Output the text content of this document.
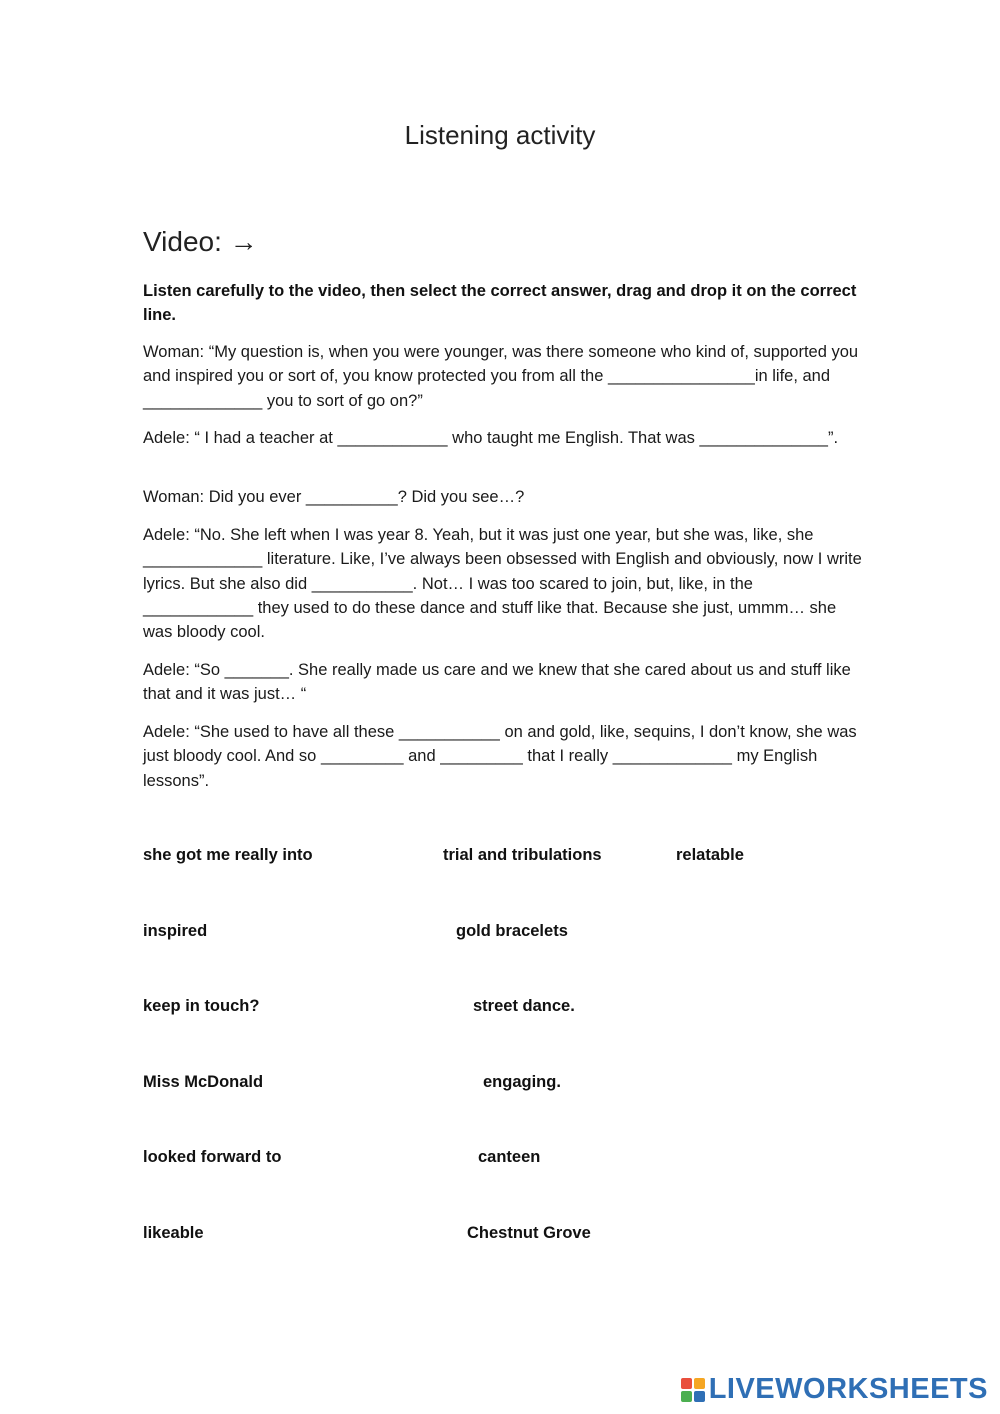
Listening activity
Video: →
Listen carefully to the video, then select the correct answer, drag and drop it on the correct line.
Woman: “My question is, when you were younger, was there someone who kind of, supported you and inspired you or sort of, you know protected you from all the ________________in life, and _____________ you to sort of go on?”
Adele: “ I had a teacher at ____________ who taught me English. That was ______________”.
Woman: Did you ever __________? Did you see…?
Adele: “No. She left when I was year 8. Yeah, but it was just one year, but she was, like, she _____________ literature. Like, I’ve always been obsessed with English and obviously, now I write lyrics. But she also did ___________. Not… I was too scared to join, but, like, in the ____________ they used to do these dance and stuff like that. Because she just, ummm… she was bloody cool.
Adele: “So _______. She really made us care and we knew that she cared about us and stuff like that and it was just… “
Adele: “She used to have all these ___________ on and gold, like, sequins, I don’t know, she was just bloody cool. And so _________ and _________ that I really _____________ my English lessons”.
she got me really into	trial and tribulations	relatable
inspired	gold bracelets
keep in touch?	street dance.
Miss McDonald	engaging.
looked forward to	canteen
likeable	Chestnut Grove
LIVEWORKSHEETS
